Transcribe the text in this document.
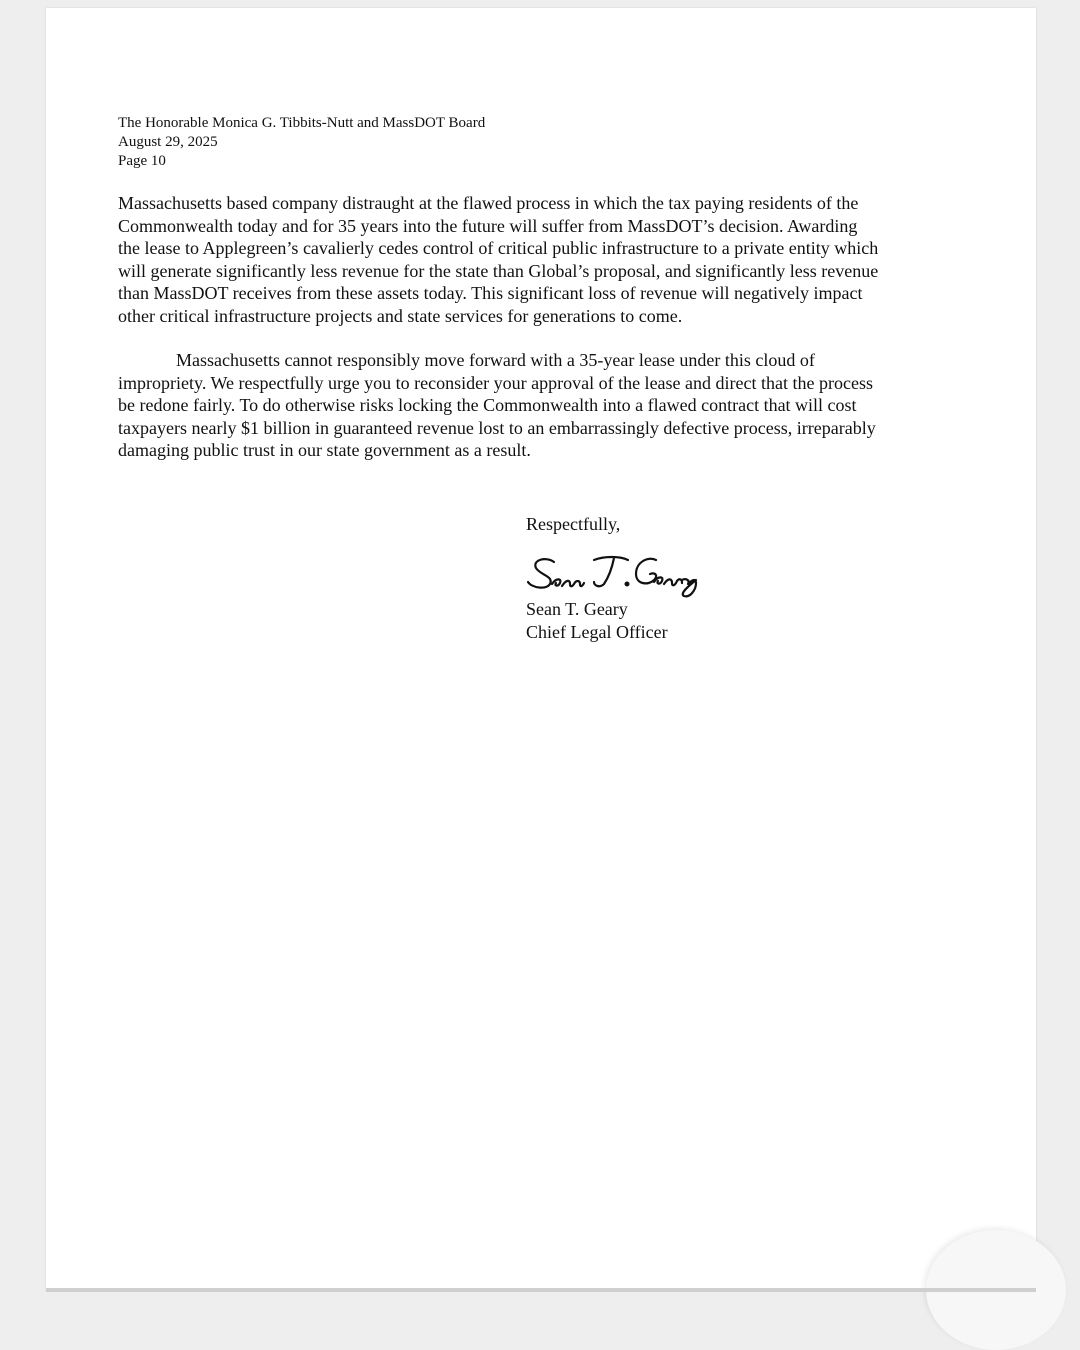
The Honorable Monica G. Tibbits-Nutt and MassDOT Board
August 29, 2025
Page 10
Massachusetts based company distraught at the flawed process in which the tax paying residents of the
Commonwealth today and for 35 years into the future will suffer from MassDOT’s decision. Awarding
the lease to Applegreen’s cavalierly cedes control of critical public infrastructure to a private entity which
will generate significantly less revenue for the state than Global’s proposal, and significantly less revenue
than MassDOT receives from these assets today. This significant loss of revenue will negatively impact
other critical infrastructure projects and state services for generations to come.
Massachusetts cannot responsibly move forward with a 35-year lease under this cloud of
impropriety. We respectfully urge you to reconsider your approval of the lease and direct that the process
be redone fairly. To do otherwise risks locking the Commonwealth into a flawed contract that will cost
taxpayers nearly $1 billion in guaranteed revenue lost to an embarrassingly defective process, irreparably
damaging public trust in our state government as a result.
Respectfully,
Sean T. Geary
Chief Legal Officer
